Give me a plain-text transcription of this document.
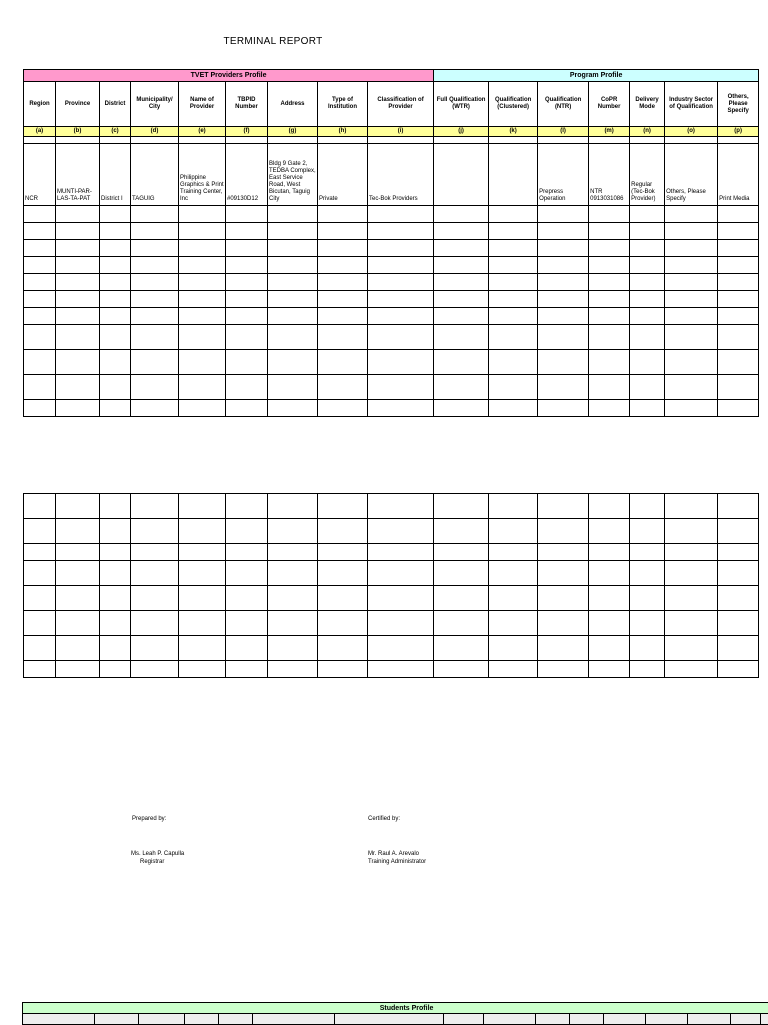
TERMINAL REPORT
TVET Providers Profile									Program Profile						
Region	Province	District	Municipality/ City	Name of Provider	TBPID Number	Address	Type of Institution	Classification of Provider	Full Qualification (WTR)	Qualification (Clustered)	Qualification (NTR)	CoPR Number	Delivery Mode	Industry Sector of Qualification	Others, Please Specify
(a)	(b)	(c)	(d)	(e)	(f)	(g)	(h)	(i)	(j)	(k)	(l)	(m)	(n)	(o)	(p)

NCR	MUNTI-PAR-LAS-TA-PAT	District I	TAGUIG	Philippine Graphics & Print Training Center, Inc	#09130D12	Bldg 9 Gate 2, TEDBA Complex, East Service Road, West Bicutan, Taguig City	Private	Tec-Bok Providers			Prepress Operation	NTR 0913031086	Regular (Tec-Bok Provider)	Others, Please Specify	Print Media

Prepared by:
Ms. Leah P. Capulla
Registrar
Certified by:
Mr. Raul A. Arevalo
Training Administrator
Students Profile
